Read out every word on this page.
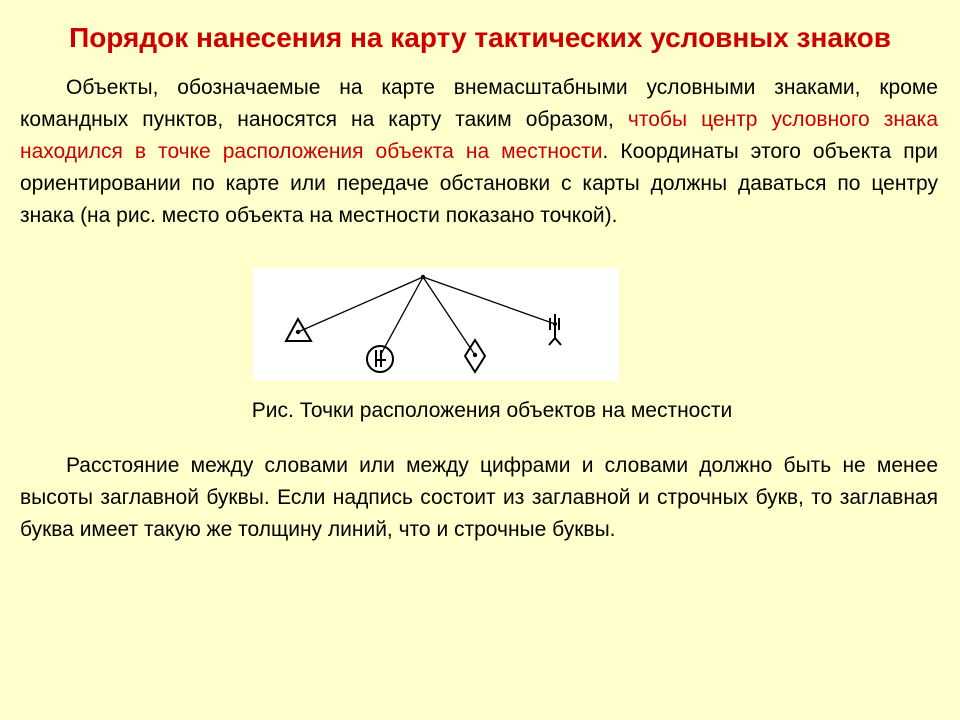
Порядок нанесения на карту тактических условных знаков

Объекты, обозначаемые на карте внемасштабными условными знаками, кроме командных пунктов, наносятся на карту таким образом, чтобы центр условного знака находился в точке расположения объекта на местности. Координаты этого объекта при ориентировании по карте или передаче обстановки с карты должны даваться по центру знака (на рис. место объекта на местности показано точкой).

Рис. Точки расположения объектов на местности

Расстояние между словами или между цифрами и словами должно быть не менее высоты заглавной буквы. Если надпись состоит из заглавной и строчных букв, то заглавная буква имеет такую же толщину линий, что и строчные буквы.
